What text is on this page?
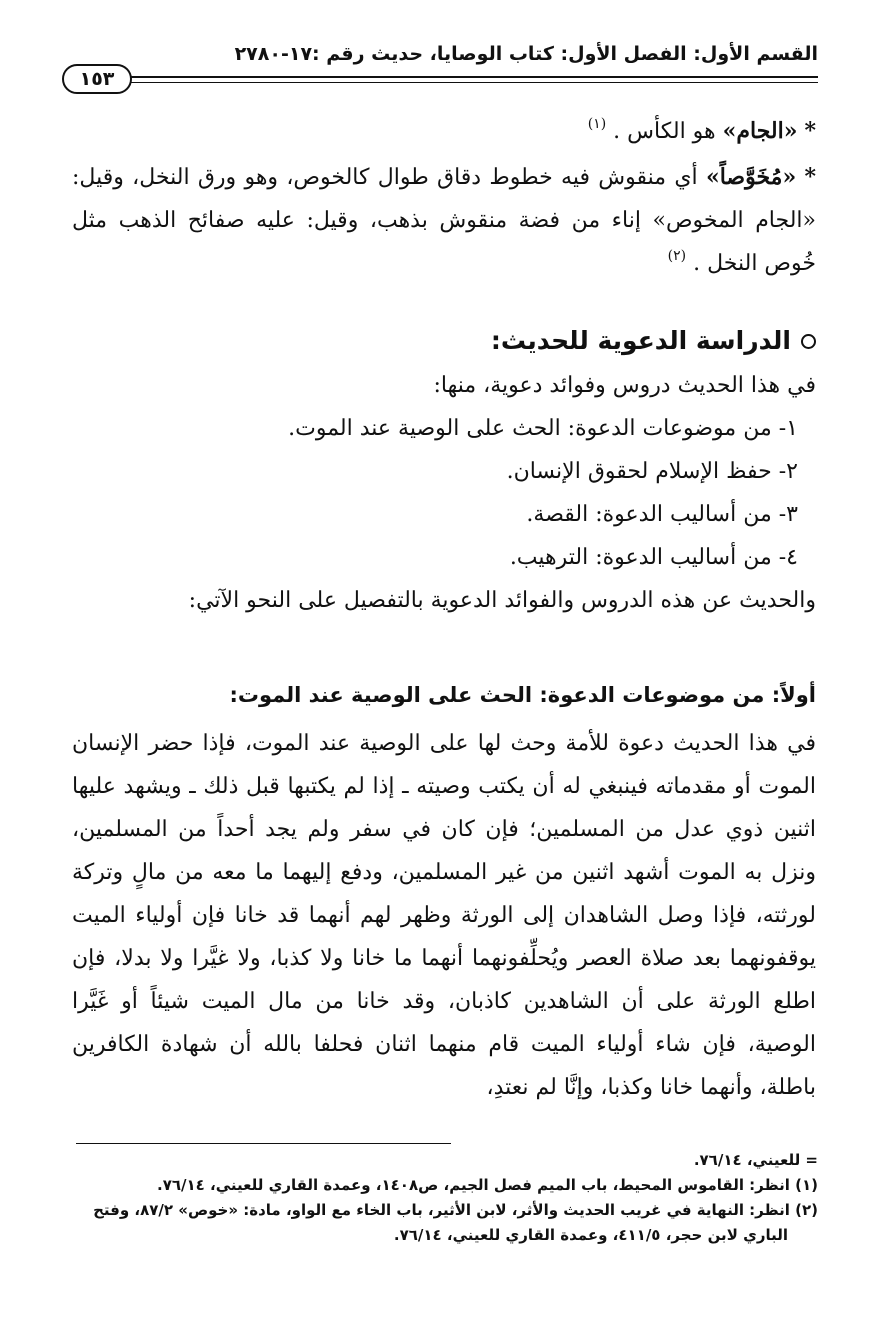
القسم الأول: الفصل الأول: كتاب الوصايا، حديث رقم :١٧-٢٧٨٠
١٥٣

* «الجام» هو الكأس . $^{(١)}$

* «مُخَوَّصاً» أي منقوش فيه خطوط دقاق طوال كالخوص، وهو ورق النخل، وقيل: «الجام المخوص» إناء من فضة منقوش بذهب، وقيل: عليه صفائح الذهب مثل خُوص النخل . $^{(٢)}$

الدراسة الدعوية للحديث:

في هذا الحديث دروس وفوائد دعوية، منها:

١- من موضوعات الدعوة: الحث على الوصية عند الموت.

٢- حفظ الإسلام لحقوق الإنسان.

٣- من أساليب الدعوة: القصة.

٤- من أساليب الدعوة: الترهيب.

والحديث عن هذه الدروس والفوائد الدعوية بالتفصيل على النحو الآتي:

أولاً: من موضوعات الدعوة: الحث على الوصية عند الموت:

في هذا الحديث دعوة للأمة وحث لها على الوصية عند الموت، فإذا حضر الإنسان الموت أو مقدماته فينبغي له أن يكتب وصيته ـ إذا لم يكتبها قبل ذلك ـ ويشهد عليها اثنين ذوي عدل من المسلمين؛ فإن كان في سفر ولم يجد أحداً من المسلمين، ونزل به الموت أشهد اثنين من غير المسلمين، ودفع إليهما ما معه من مالٍ وتركة لورثته، فإذا وصل الشاهدان إلى الورثة وظهر لهم أنهما قد خانا فإن أولياء الميت يوقفونهما بعد صلاة العصر ويُحلِّفونهما أنهما ما خانا ولا كذبا، ولا غيَّرا ولا بدلا، فإن اطلع الورثة على أن الشاهدين كاذبان، وقد خانا من مال الميت شيئاً أو غَيَّرا الوصية، فإن شاء أولياء الميت قام منهما اثنان فحلفا بالله أن شهادة الكافرين باطلة، وأنهما خانا وكذبا، وإنَّا لم نعتدِ،

= للعيني، ٧٦/١٤.

(١) انظر: القاموس المحيط، باب الميم فصل الجيم، ص١٤٠٨، وعمدة القاري للعيني، ٧٦/١٤.

(٢) انظر: النهاية في غريب الحديث والأثر، لابن الأثير، باب الخاء مع الواو، مادة: «خوص» ٨٧/٢، وفتح

الباري لابن حجر، ٤١١/٥، وعمدة القاري للعيني، ٧٦/١٤.
